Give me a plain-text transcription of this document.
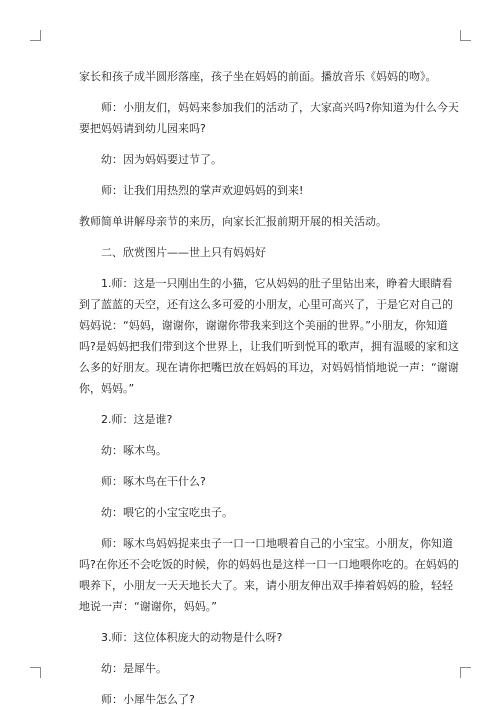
家长和孩子成半圆形落座，孩子坐在妈妈的前面。播放音乐《妈妈的吻》。

师：小朋友们，妈妈来参加我们的活动了，大家高兴吗?你知道为什么今天要把妈妈请到幼儿园来吗?

幼：因为妈妈要过节了。

师：让我们用热烈的掌声欢迎妈妈的到来!

教师简单讲解母亲节的来历，向家长汇报前期开展的相关活动。

二、欣赏图片——世上只有妈妈好

1.师：这是一只刚出生的小猫，它从妈妈的肚子里钻出来，睁着大眼睛看到了蓝蓝的天空，还有这么多可爱的小朋友，心里可高兴了，于是它对自己的妈妈说：“妈妈，谢谢你，谢谢你带我来到这个美丽的世界。”小朋友，你知道吗?是妈妈把我们带到这个世界上，让我们听到悦耳的歌声，拥有温暖的家和这么多的好朋友。现在请你把嘴巴放在妈妈的耳边，对妈妈悄悄地说一声：“谢谢你，妈妈。”

2.师：这是谁?

幼：啄木鸟。

师：啄木鸟在干什么?

幼：喂它的小宝宝吃虫子。

师：啄木鸟妈妈捉来虫子一口一口地喂着自己的小宝宝。小朋友，你知道吗?在你还不会吃饭的时候，你的妈妈也是这样一口一口地喂你吃的。在妈妈的喂养下，小朋友一天天地长大了。来，请小朋友伸出双手捧着妈妈的脸，轻轻地说一声：“谢谢你，妈妈。”

3.师：这位体积庞大的动物是什么呀?

幼：是犀牛。

师：小犀牛怎么了?
